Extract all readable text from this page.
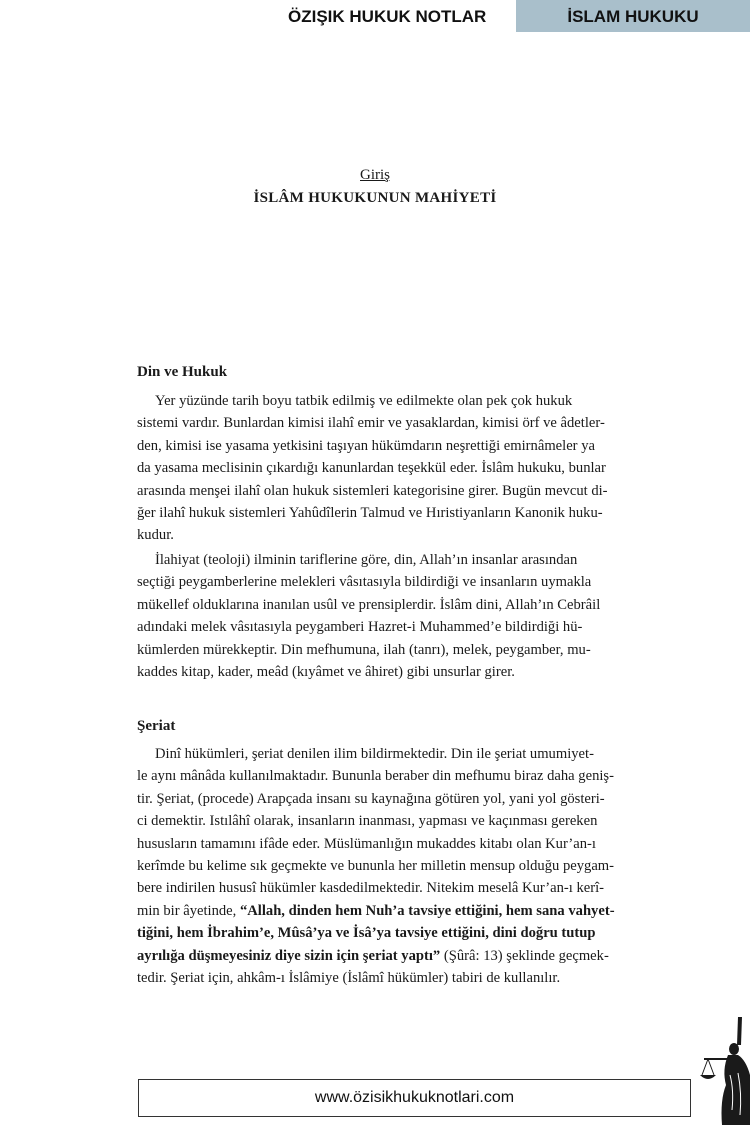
ÖZIŞIK HUKUK NOTLAR	İSLAM HUKUKU
Giriş
İSLÂM HUKUKUNUN MAHİYETİ
Din ve Hukuk

Yer yüzünde tarih boyu tatbik edilmiş ve edilmekte olan pek çok hukuk
sistemi vardır. Bunlardan kimisi ilahî emir ve yasaklardan, kimisi örf ve âdetler-
den, kimisi ise yasama yetkisini taşıyan hükümdarın neşrettiği emirnâmeler ya
da yasama meclisinin çıkardığı kanunlardan teşekkül eder. İslâm hukuku, bunlar
arasında menşei ilahî olan hukuk sistemleri kategorisine girer. Bugün mevcut di-
ğer ilahî hukuk sistemleri Yahûdîlerin Talmud ve Hıristiyanların Kanonik huku-
kudur.

İlahiyat (teoloji) ilminin tariflerine göre, din, Allah’ın insanlar arasından
seçtiği peygamberlerine melekleri vâsıtasıyla bildirdiği ve insanların uymakla
mükellef olduklarına inanılan usûl ve prensiplerdir. İslâm dini, Allah’ın Cebrâil
adındaki melek vâsıtasıyla peygamberi Hazret-i Muhammed’e bildirdiği hü-
kümlerden mürekkeptir. Din mefhumuna, ilah (tanrı), melek, peygamber, mu-
kaddes kitap, kader, meâd (kıyâmet ve âhiret) gibi unsurlar girer.

Şeriat

Dinî hükümleri, şeriat denilen ilim bildirmektedir. Din ile şeriat umumiyet-
le aynı mânâda kullanılmaktadır. Bununla beraber din mefhumu biraz daha geniş-
tir. Şeriat, (procede) Arapçada insanı su kaynağına götüren yol, yani yol gösteri-
ci demektir. Istılâhî olarak, insanların inanması, yapması ve kaçınması gereken
hususların tamamını ifâde eder. Müslümanlığın mukaddes kitabı olan Kur’an-ı
kerîmde bu kelime sık geçmekte ve bununla her milletin mensup olduğu peygam-
bere indirilen hususî hükümler kasdedilmektedir. Nitekim meselâ Kur’an-ı kerî-
min bir âyetinde, “Allah, dinden hem Nuh’a tavsiye ettiğini, hem sana vahyet-
tiğini, hem İbrahim’e, Mûsâ’ya ve İsâ’ya tavsiye ettiğini, dini doğru tutup
ayrılığa düşmeyesiniz diye sizin için şeriat yaptı” (Şûrâ: 13) şeklinde geçmek-
tedir. Şeriat için, ahkâm-ı İslâmiye (İslâmî hükümler) tabiri de kullanılır.

www.özisikhukuknotlari.com
